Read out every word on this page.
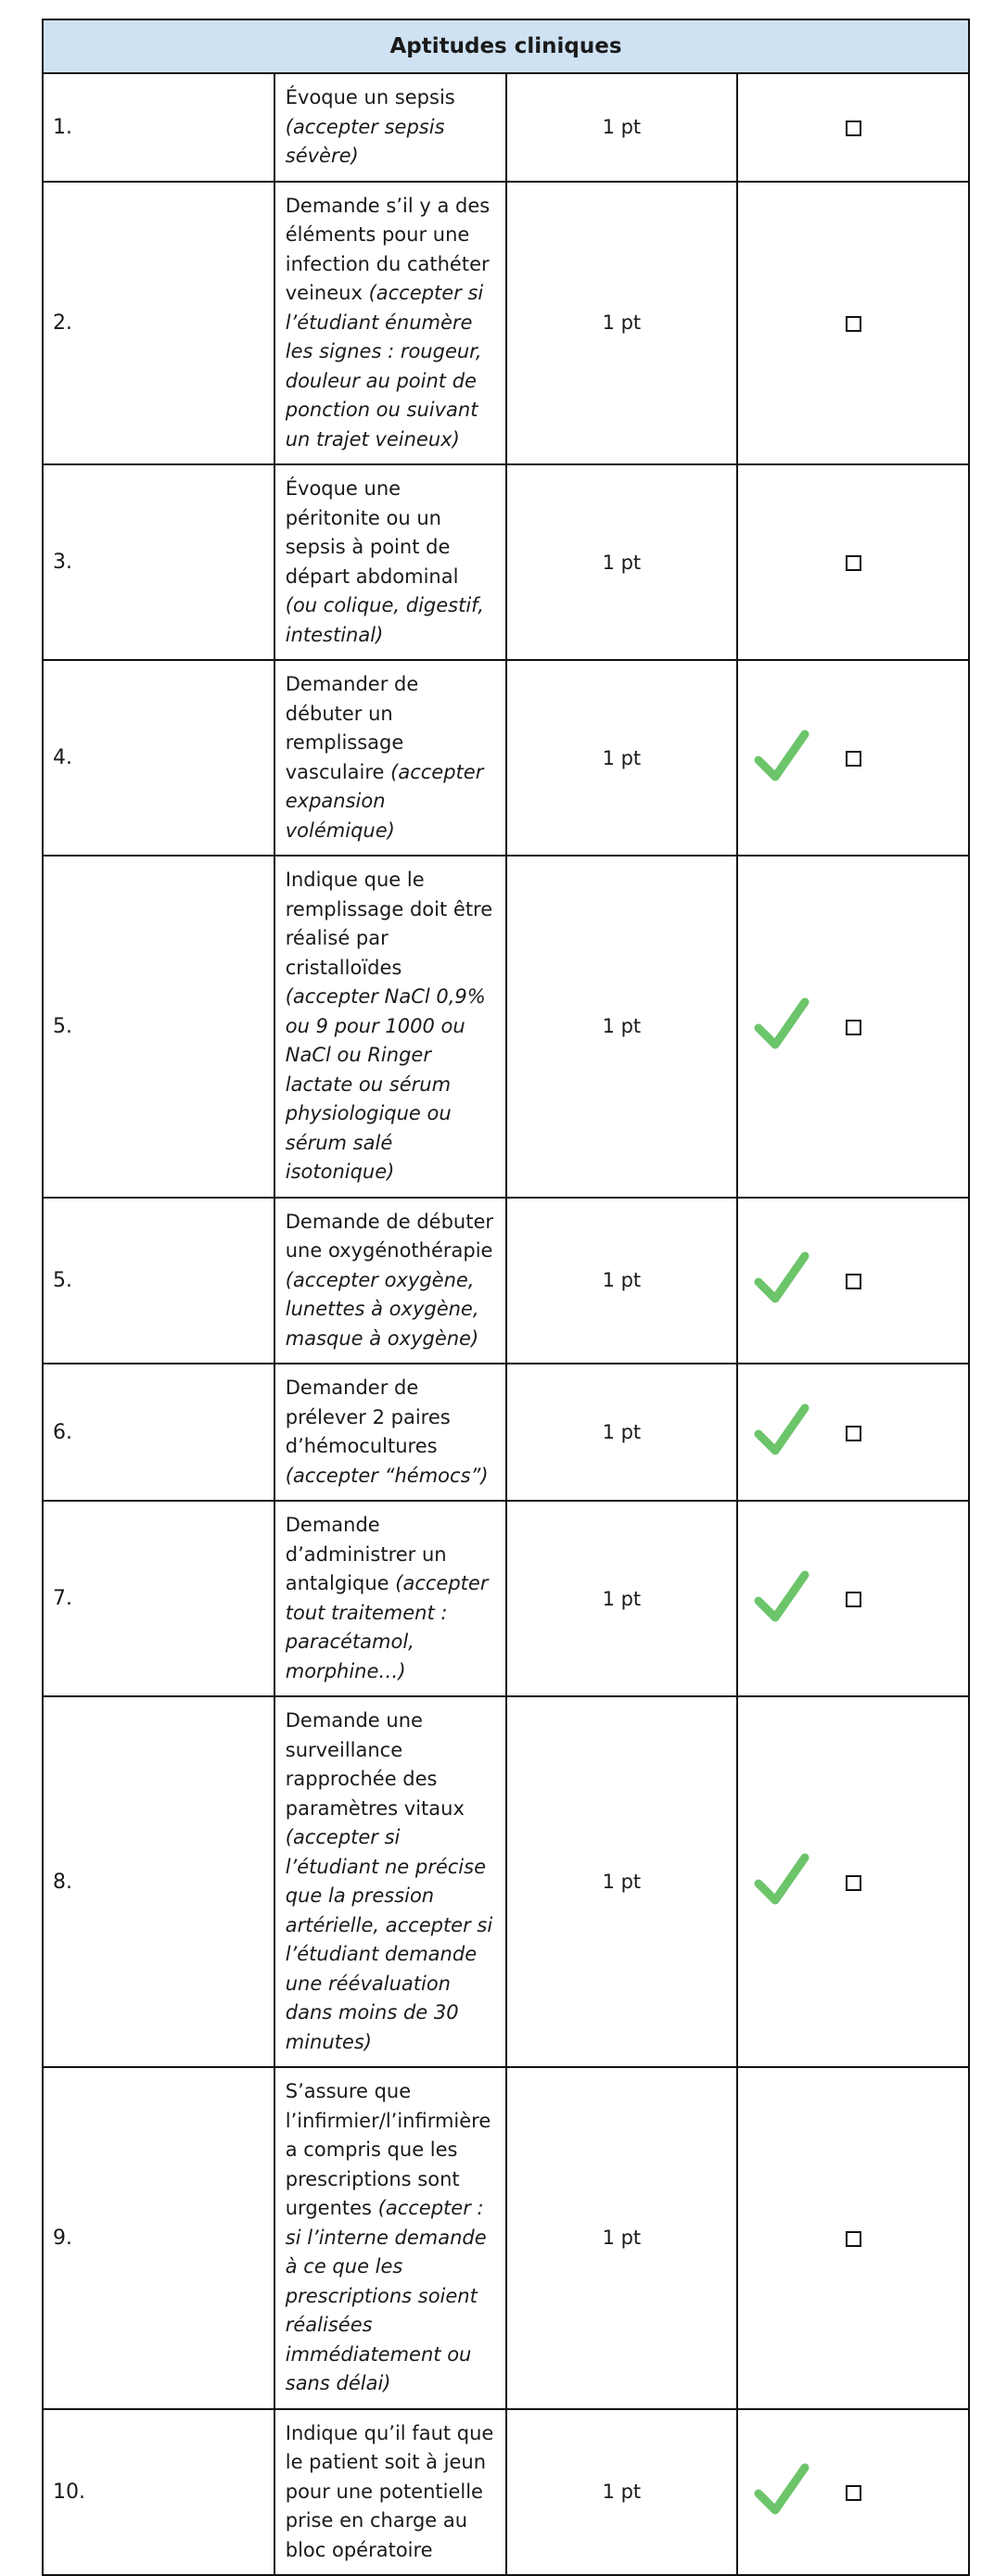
Aptitudes cliniques			
1.	Évoque un sepsis (accepter sepsis sévère)	1 pt	
2.	Demande s’il y a des éléments pour une infection du cathéter veineux (accepter si l’étudiant énumère les signes : rougeur, douleur au point de ponction ou suivant un trajet veineux)	1 pt	
3.	Évoque une péritonite ou un sepsis à point de départ abdominal (ou colique, digestif, intestinal)	1 pt	
4.	Demander de débuter un remplissage vasculaire (accepter expansion volémique)	1 pt	

5.	Indique que le remplissage doit être réalisé par cristalloïdes (accepter NaCl 0,9% ou 9 pour 1000 ou NaCl ou Ringer lactate ou sérum physiologique ou sérum salé isotonique)	1 pt	

5.	Demande de débuter une oxygénothérapie (accepter oxygène, lunettes à oxygène, masque à oxygène)	1 pt	

6.	Demander de prélever 2 paires d’hémocultures (accepter “hémocs”)	1 pt	

7.	Demande d’administrer un antalgique (accepter tout traitement : paracétamol, morphine…)	1 pt	

8.	Demande une surveillance rapprochée des paramètres vitaux (accepter si l’étudiant ne précise que la pression artérielle, accepter si l’étudiant demande une réévaluation dans moins de 30 minutes)	1 pt	

9.	S’assure que l’infirmier/l’infirmière a compris que les prescriptions sont urgentes (accepter : si l’interne demande à ce que les prescriptions soient réalisées immédiatement ou sans délai)	1 pt	
10.	Indique qu’il faut que le patient soit à jeun pour une potentielle prise en charge au bloc opératoire	1 pt	
